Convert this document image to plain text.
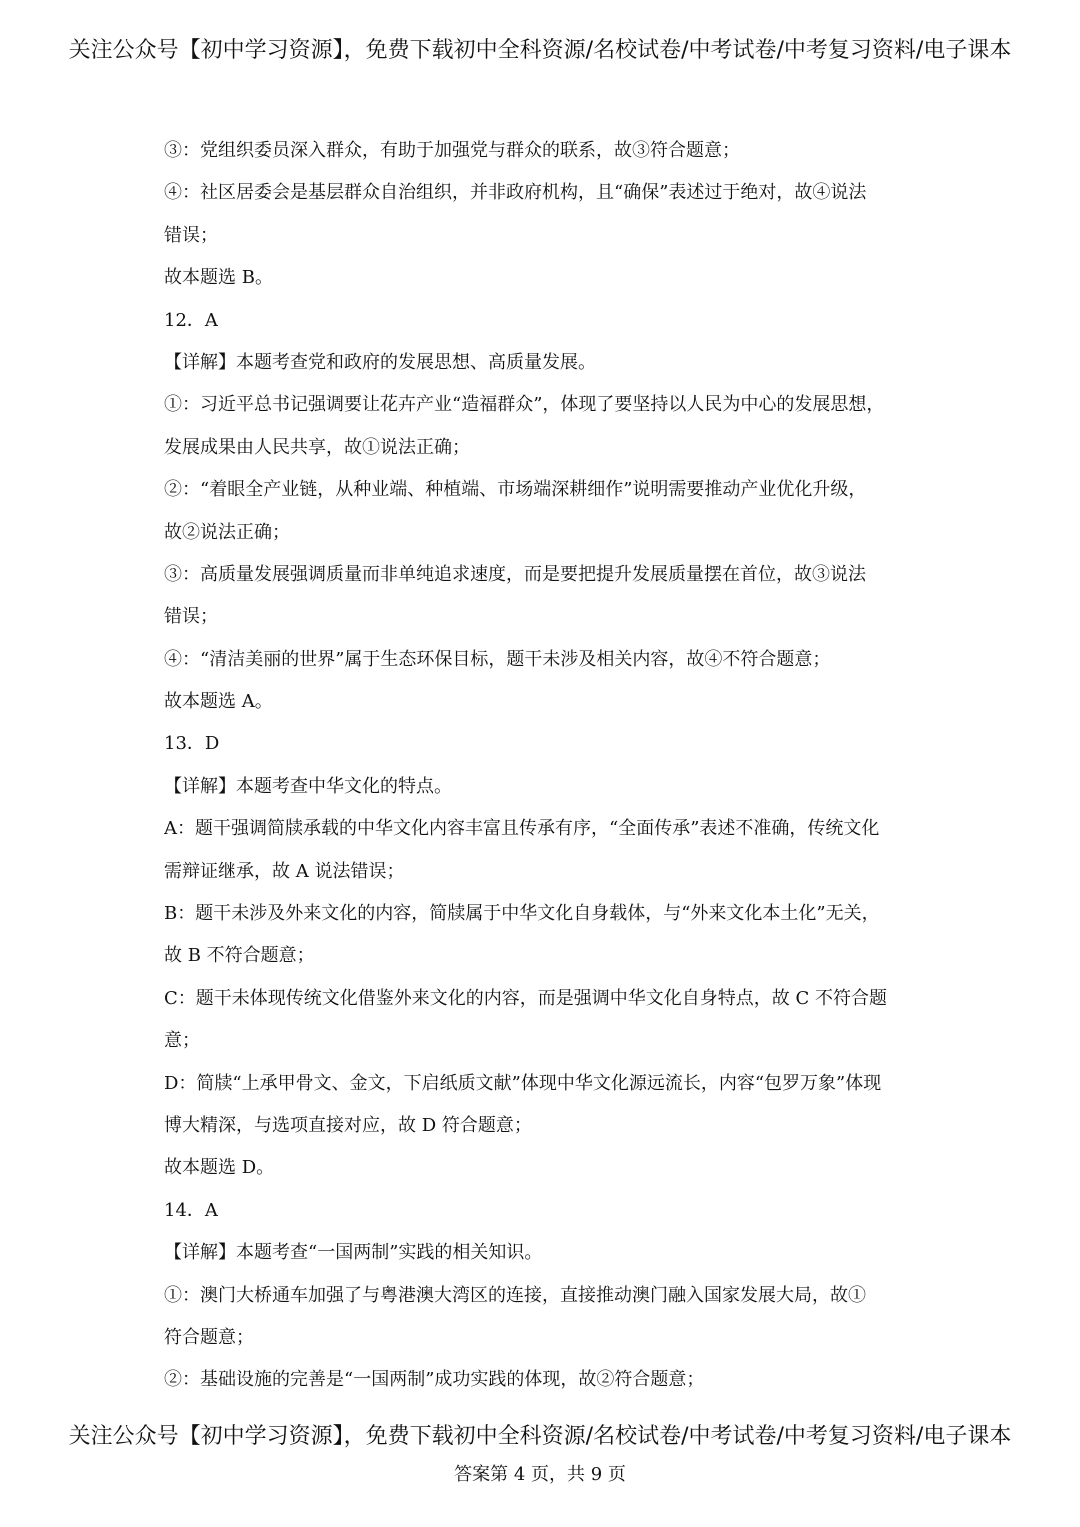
关注公众号【初中学习资源】，免费下载初中全科资源/名校试卷/中考试卷/中考复习资料/电子课本
③：党组织委员深入群众，有助于加强党与群众的联系，故③符合题意；
④：社区居委会是基层群众自治组织，并非政府机构，且“确保”表述过于绝对，故④说法
错误；
故本题选 B。
12．A
【详解】本题考查党和政府的发展思想、高质量发展。
①：习近平总书记强调要让花卉产业“造福群众”，体现了要坚持以人民为中心的发展思想，
发展成果由人民共享，故①说法正确；
②：“着眼全产业链，从种业端、种植端、市场端深耕细作”说明需要推动产业优化升级，
故②说法正确；
③：高质量发展强调质量而非单纯追求速度，而是要把提升发展质量摆在首位，故③说法
错误；
④：“清洁美丽的世界”属于生态环保目标，题干未涉及相关内容，故④不符合题意；
故本题选 A。
13．D
【详解】本题考查中华文化的特点。
A：题干强调简牍承载的中华文化内容丰富且传承有序，“全面传承”表述不准确，传统文化
需辩证继承，故 A 说法错误；
B：题干未涉及外来文化的内容，简牍属于中华文化自身载体，与“外来文化本土化”无关，
故 B 不符合题意；
C：题干未体现传统文化借鉴外来文化的内容，而是强调中华文化自身特点，故 C 不符合题
意；
D：简牍“上承甲骨文、金文，下启纸质文献”体现中华文化源远流长，内容“包罗万象”体现
博大精深，与选项直接对应，故 D 符合题意；
故本题选 D。
14．A
【详解】本题考查“一国两制”实践的相关知识。
①：澳门大桥通车加强了与粤港澳大湾区的连接，直接推动澳门融入国家发展大局，故①
符合题意；
②：基础设施的完善是“一国两制”成功实践的体现，故②符合题意；
关注公众号【初中学习资源】，免费下载初中全科资源/名校试卷/中考试卷/中考复习资料/电子课本
答案第 4 页，共 9 页
